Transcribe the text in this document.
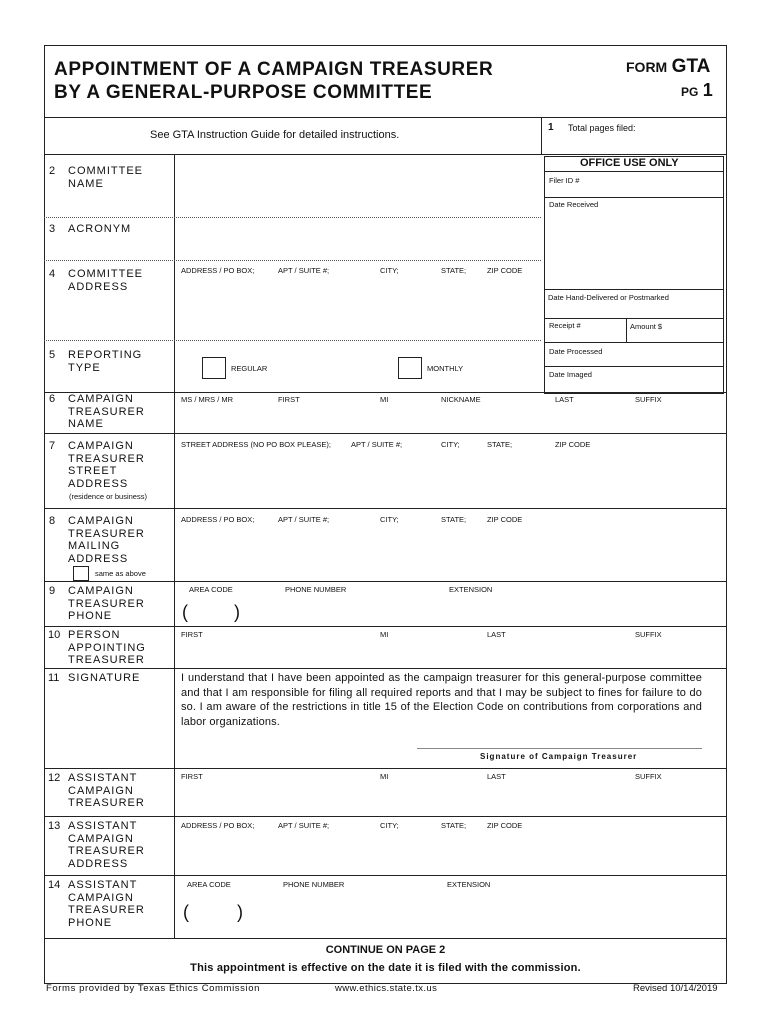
APPOINTMENT OF A CAMPAIGN TREASURER
BY A GENERAL-PURPOSE COMMITTEE
FORM GTA
PG 1
See GTA Instruction Guide for detailed instructions.
1 Total pages filed:
OFFICE USE ONLY
Filer ID #
Date Received
Date Hand-Delivered or Postmarked
Receipt #	Amount $
Date Processed
Date Imaged
2 COMMITTEE
NAME
3 ACRONYM
4 COMMITTEE
ADDRESS
ADDRESS / PO BOX;	APT / SUITE #;	CITY;	STATE;	ZIP CODE
5 REPORTING
TYPE	REGULAR	MONTHLY
6 CAMPAIGN
TREASURER
NAME
MS / MRS / MR	FIRST	MI	NICKNAME	LAST	SUFFIX
7 CAMPAIGN
TREASURER
STREET
ADDRESS
(residence or business)
STREET ADDRESS (NO PO BOX PLEASE);	APT / SUITE #;	CITY;	STATE;	ZIP CODE
8 CAMPAIGN
TREASURER
MAILING
ADDRESS
same as above
ADDRESS / PO BOX;	APT / SUITE #;	CITY;	STATE;	ZIP CODE
9 CAMPAIGN
TREASURER
PHONE
AREA CODE	PHONE NUMBER	EXTENSION
(	)
10 PERSON
APPOINTING
TREASURER
FIRST	MI	LAST	SUFFIX
11 SIGNATURE	I understand that I have been appointed as the campaign treasurer for this general-purpose committee and that I am responsible for filing all required reports and that I may be subject to fines for failure to do so. I am aware of the restrictions in title 15 of the Election Code on contributions from corporations and labor organizations.
Signature of Campaign Treasurer
12 ASSISTANT
CAMPAIGN
TREASURER
FIRST	MI	LAST	SUFFIX
13 ASSISTANT
CAMPAIGN
TREASURER
ADDRESS
ADDRESS / PO BOX;	APT / SUITE #;	CITY;	STATE;	ZIP CODE
14 ASSISTANT
CAMPAIGN
TREASURER
PHONE
AREA CODE	PHONE NUMBER	EXTENSION
(	)
CONTINUE ON PAGE 2
This appointment is effective on the date it is filed with the commission.
Forms provided by Texas Ethics Commission	www.ethics.state.tx.us	Revised 10/14/2019
